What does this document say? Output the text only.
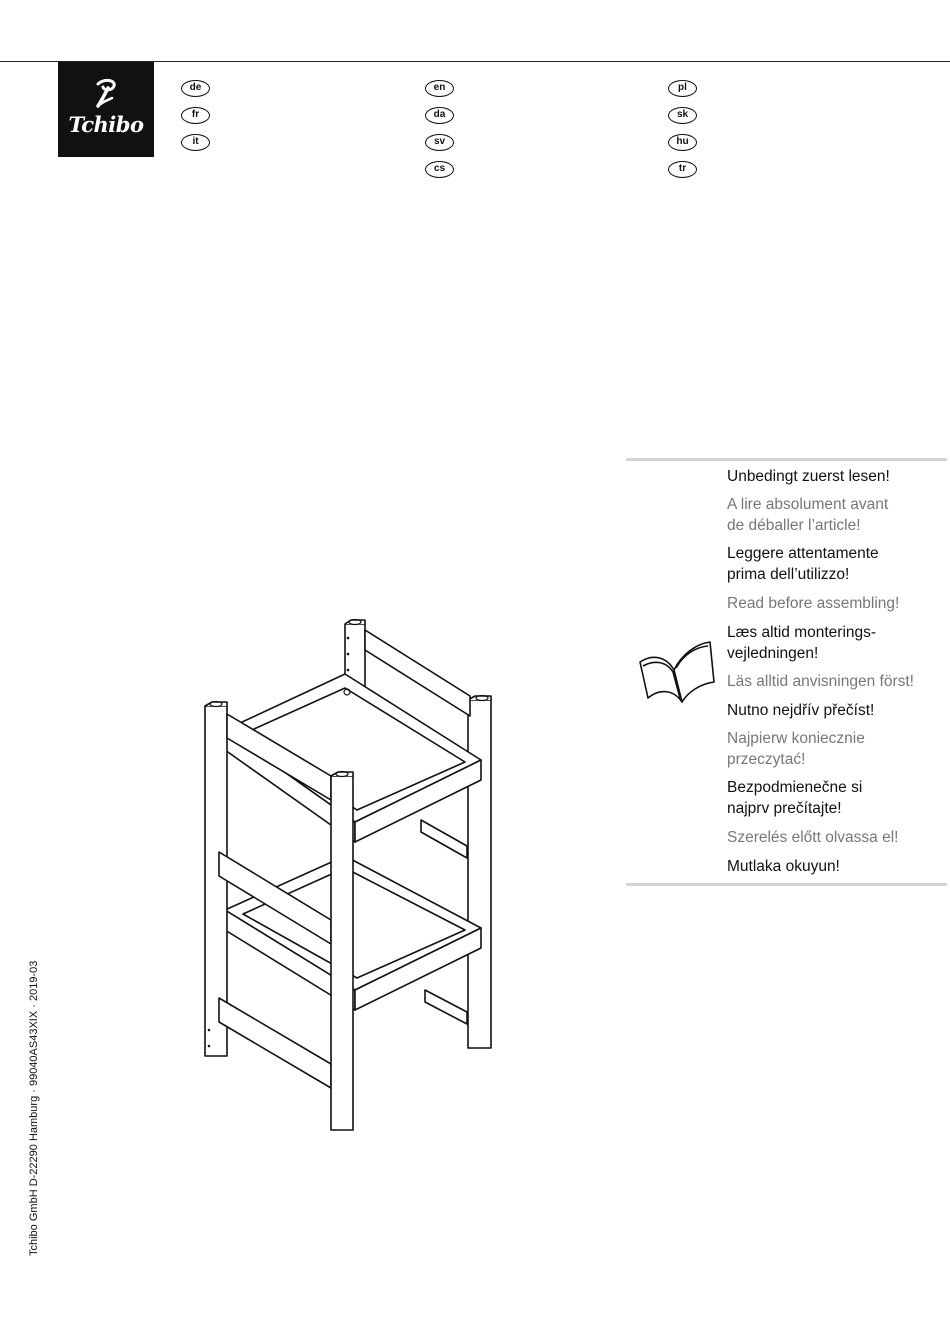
Tchibo
de
fr
it
en
da
sv
cs
pl
sk
hu
tr
Unbedingt zuerst lesen!
A lire absolument avant
de déballer l’article!
Leggere attentamente
prima dell’utilizzo!
Read before assembling!
Læs altid monterings-
vejledningen!
Läs alltid anvisningen först!
Nutno nejdřív přečíst!
Najpierw koniecznie
przeczytać!
Bezpodmienečne si
najprv prečítajte!
Szerelés előtt olvassa el!
Mutlaka okuyun!
Tchibo GmbH D-22290 Hamburg · 99040AS43XIX · 2019-03
